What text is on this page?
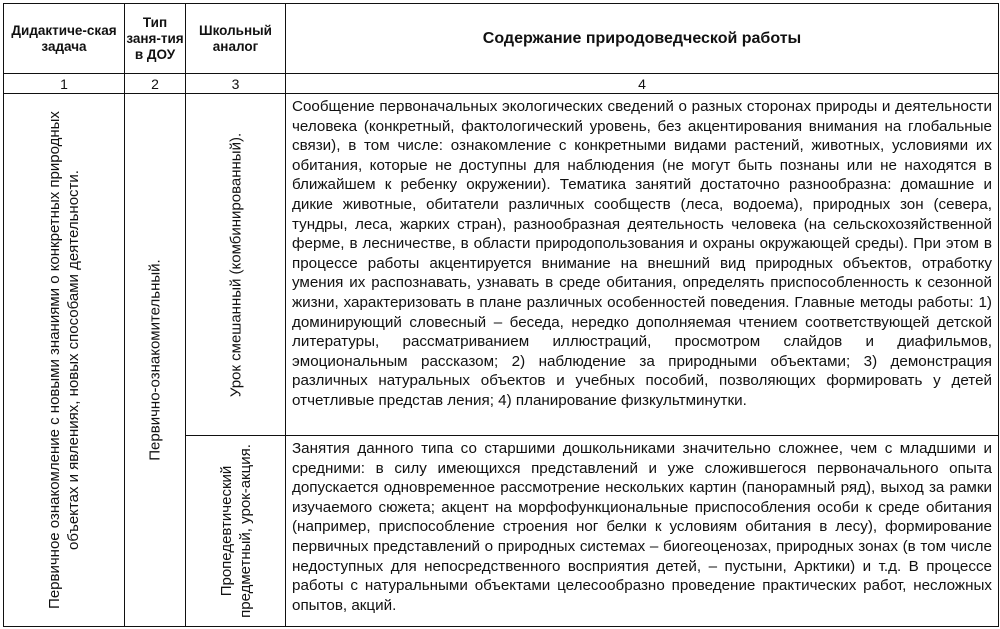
Дидактиче-ская задача	Тип заня-тия в ДОУ	Школьный аналог	Содержание природоведческой работы
1	2	3	4

Первичное ознакомление с новыми знаниями о конкретных природных объектах и явлениях, новых способами деятельности.	Первично-ознакомительный.	Урок смешанный (комбинированный).	Сообщение первоначальных экологических сведений о разных сторонах природы и деятельности человека (конкретный, фактологический уровень, без акцентирования внимания на глобальные связи), в том числе: ознакомление с конкретными видами растений, животных, условиями их обитания, которые не доступны для наблюдения (не могут быть познаны или не находятся в ближайшем к ребенку окружении). Тематика занятий достаточно разнообразна: домашние и дикие животные, обитатели различных сообществ (леса, водоема), природных зон (севера, тундры, леса, жарких стран), разнообразная деятельность человека (на сельскохозяйственной ферме, в лесничестве, в области природопользования и охраны окружающей среды). При этом в процессе работы акцентируется внимание на внешний вид природных объектов, отработку умения их распознавать, узнавать в среде обитания, определять приспособленность к сезонной жизни, характеризовать в плане различных особенностей поведения. Главные методы работы: 1) доминирующий словесный – беседа, нередко дополняемая чтением соответствующей детской литературы, рассматриванием иллюстраций, просмотром слайдов и диафильмов, эмоциональным рассказом; 2) наблюдение за природными объектами; 3) демонстрация различных натуральных объектов и учебных пособий, позволяющих формировать у детей отчетливые представ ления; 4) планирование физкультминутки.

		Пропедевтический предметный, урок-акция.	Занятия данного типа со старшими дошкольниками значительно сложнее, чем с младшими и средними: в силу имеющихся представлений и уже сложившегося первоначального опыта допускается одновременное рассмотрение нескольких картин (панорамный ряд), выход за рамки изучаемого сюжета; акцент на морфофункциональные приспособления особи к среде обитания (например, приспособление строения ног белки к условиям обитания в лесу), формирование первичных представлений о природных системах – биогеоценозах, природных зонах (в том числе недоступных для непосредственного восприятия детей, – пустыни, Арктики) и т.д. В процессе работы с натуральными объектами целесообразно проведение практических работ, несложных опытов, акций.
